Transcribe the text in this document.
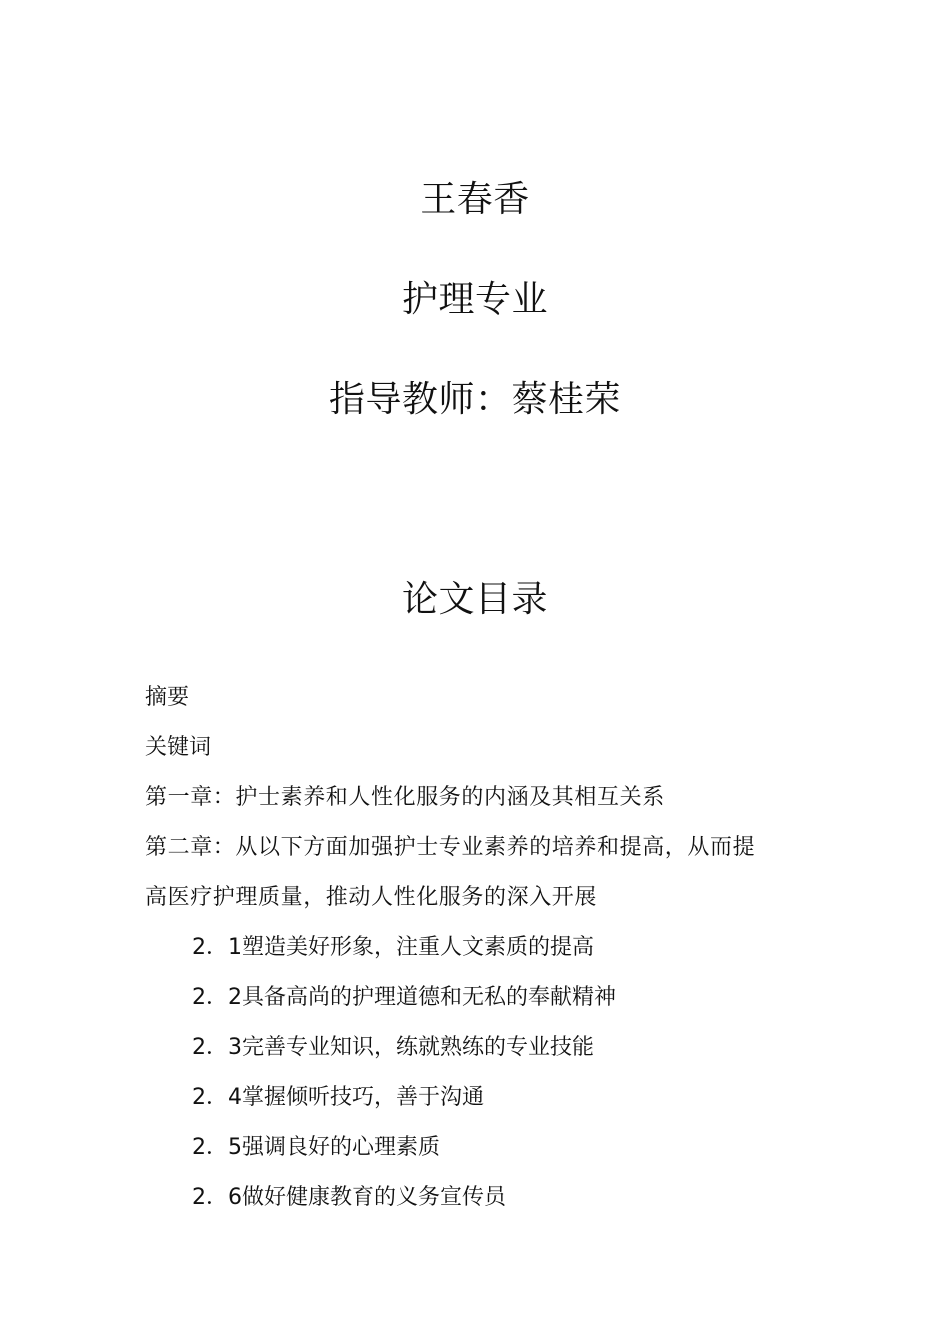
王春香
护理专业
指导教师：蔡桂荣
论文目录
摘要
关键词
第一章：护士素养和人性化服务的内涵及其相互关系
第二章：从以下方面加强护士专业素养的培养和提高，从而提
高医疗护理质量，推动人性化服务的深入开展
2．1塑造美好形象，注重人文素质的提高
2．2具备高尚的护理道德和无私的奉献精神
2．3完善专业知识，练就熟练的专业技能
2．4掌握倾听技巧，善于沟通
2．5强调良好的心理素质
2．6做好健康教育的义务宣传员
